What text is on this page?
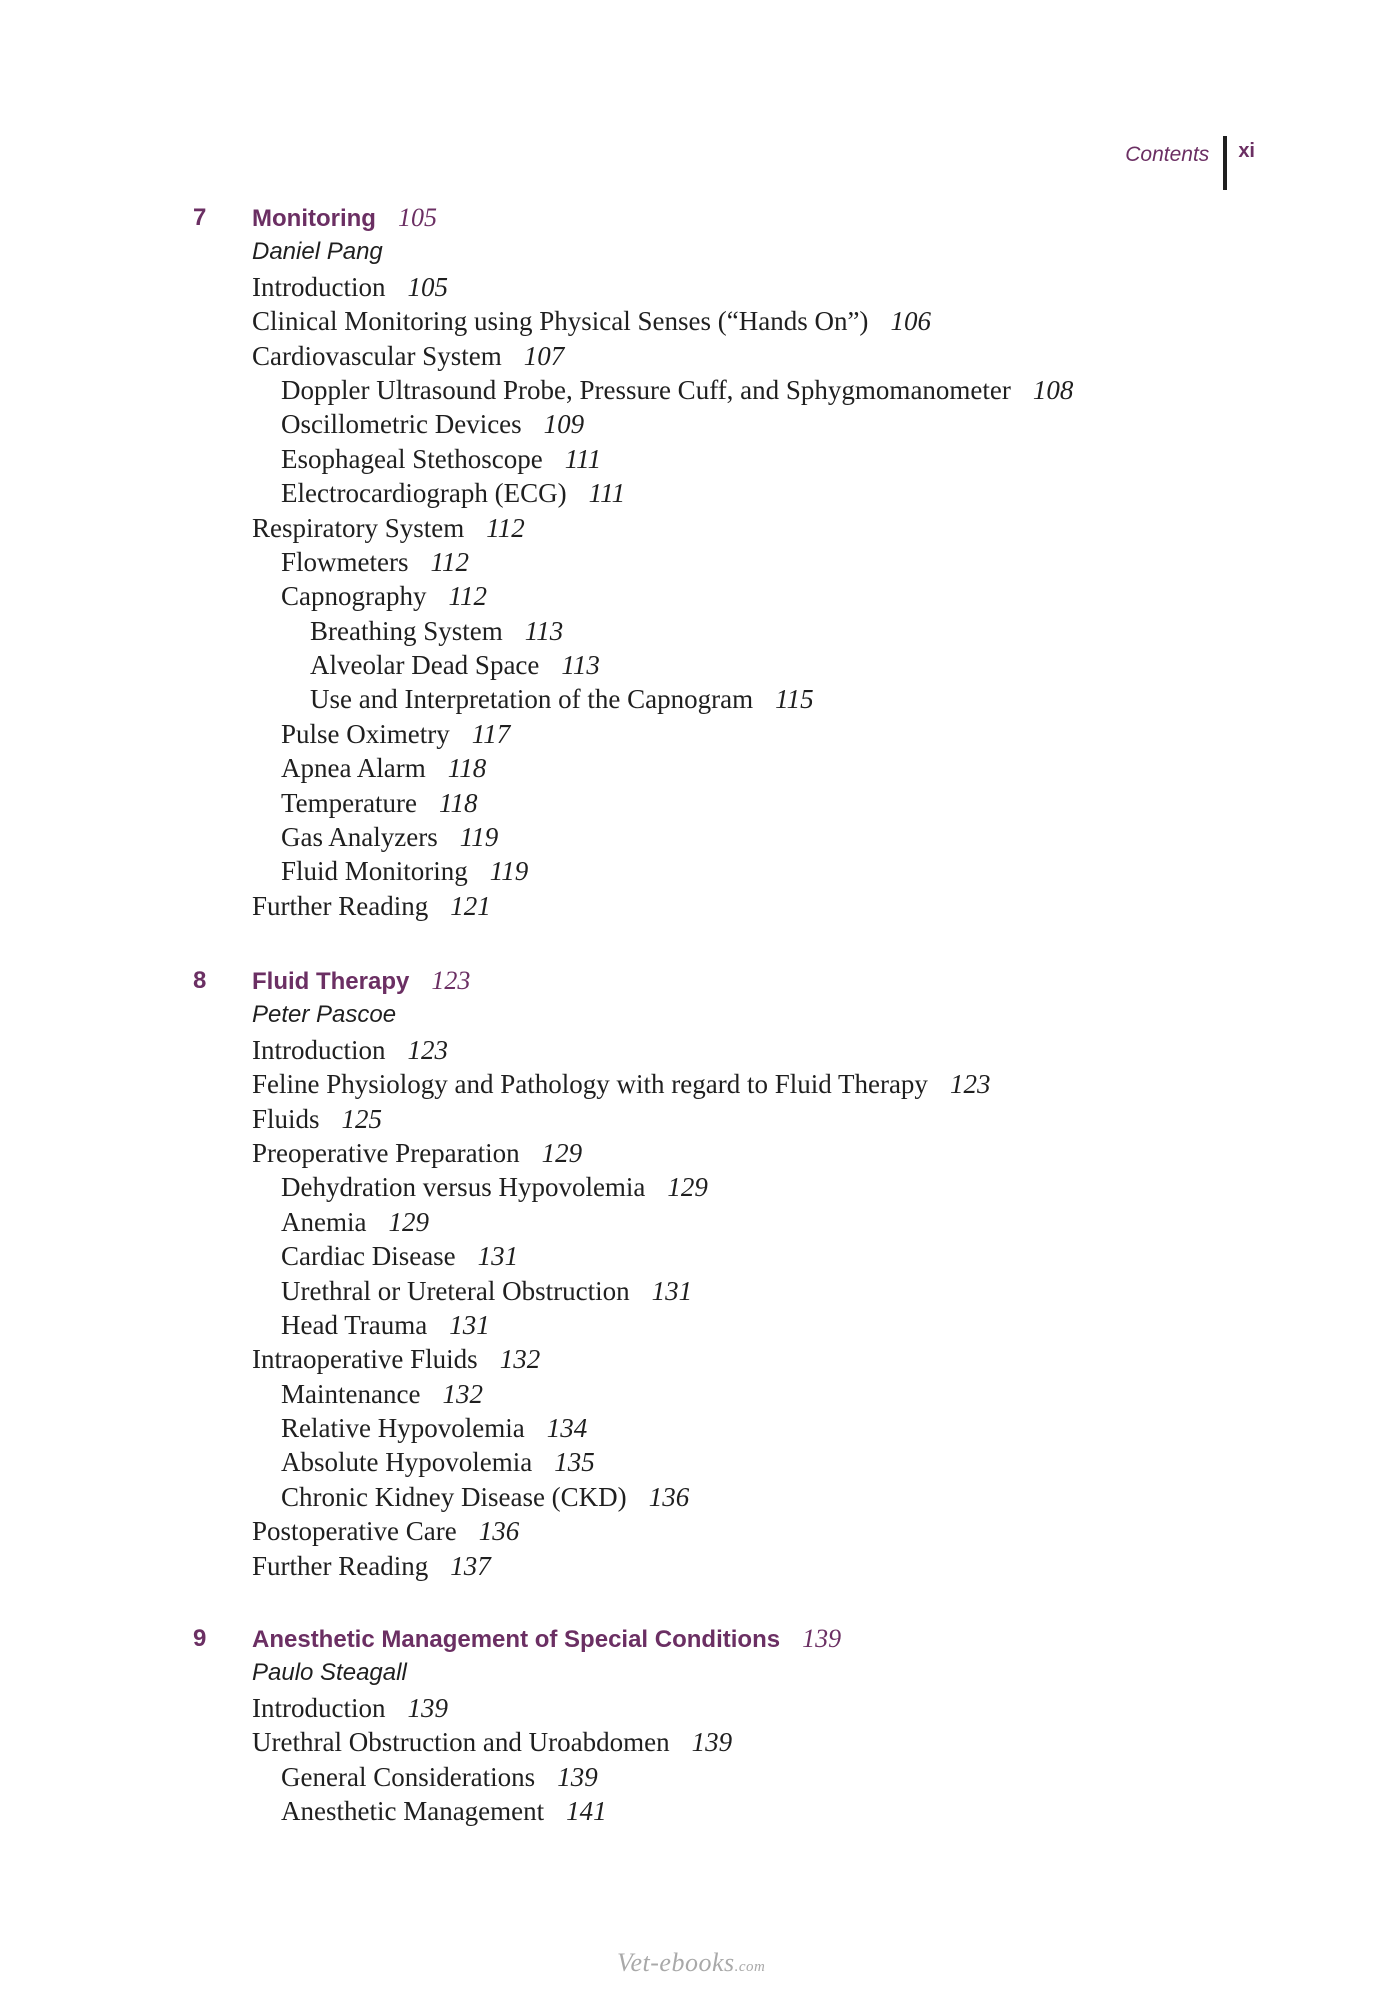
Contents xi
7 Monitoring 105
Daniel Pang
Introduction 105
Clinical Monitoring using Physical Senses (“Hands On”) 106
Cardiovascular System 107
Doppler Ultrasound Probe, Pressure Cuff, and Sphygmomanometer 108
Oscillometric Devices 109
Esophageal Stethoscope 111
Electrocardiograph (ECG) 111
Respiratory System 112
Flowmeters 112
Capnography 112
Breathing System 113
Alveolar Dead Space 113
Use and Interpretation of the Capnogram 115
Pulse Oximetry 117
Apnea Alarm 118
Temperature 118
Gas Analyzers 119
Fluid Monitoring 119
Further Reading 121
8 Fluid Therapy 123
Peter Pascoe
Introduction 123
Feline Physiology and Pathology with regard to Fluid Therapy 123
Fluids 125
Preoperative Preparation 129
Dehydration versus Hypovolemia 129
Anemia 129
Cardiac Disease 131
Urethral or Ureteral Obstruction 131
Head Trauma 131
Intraoperative Fluids 132
Maintenance 132
Relative Hypovolemia 134
Absolute Hypovolemia 135
Chronic Kidney Disease (CKD) 136
Postoperative Care 136
Further Reading 137
9 Anesthetic Management of Special Conditions 139
Paulo Steagall
Introduction 139
Urethral Obstruction and Uroabdomen 139
General Considerations 139
Anesthetic Management 141
Vet-ebooks.com
